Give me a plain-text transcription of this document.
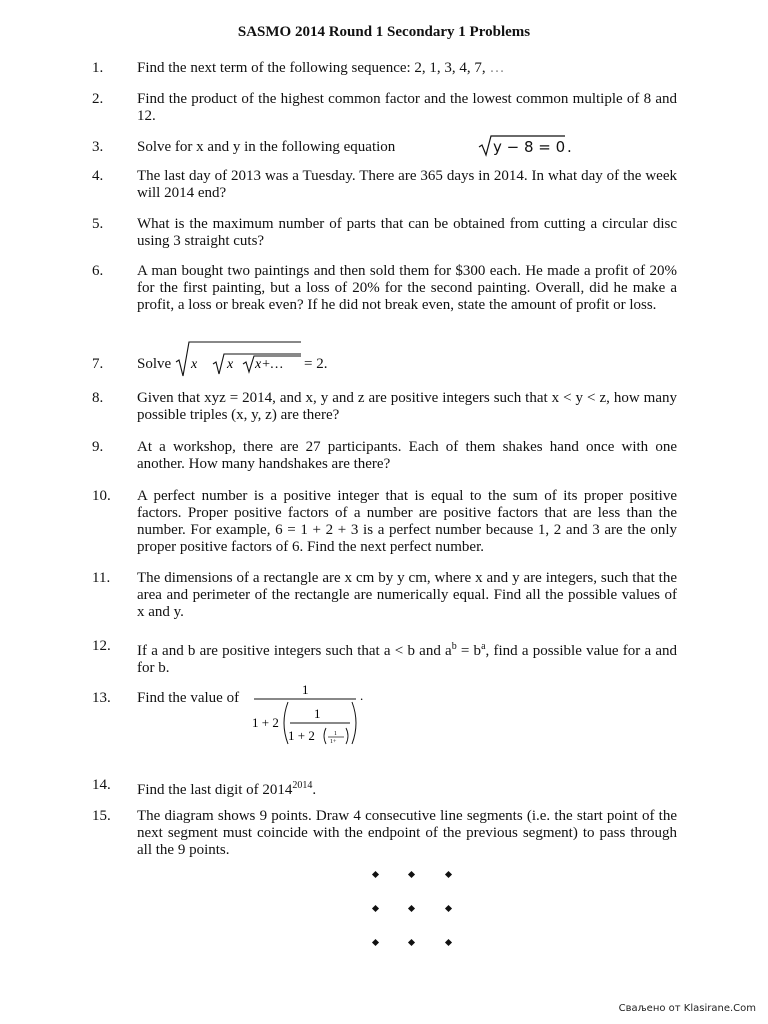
SASMO 2014 Round 1 Secondary 1 Problems
1.	Find the next term of the following sequence: 2, 1, 3, 4, 7, …
2.	Find the product of the highest common factor and the lowest common multiple of 8 and 12.
3.	Solve for x and y in the following equation	y − 8 = 0 .
4.	The last day of 2013 was a Tuesday. There are 365 days in 2014. In what day of the week will 2014 end?
5.	What is the maximum number of parts that can be obtained from cutting a circular disc using 3 straight cuts?
6.	A man bought two paintings and then sold them for $300 each. He made a profit of 20% for the first painting, but a loss of 20% for the second painting. Overall, did he make a profit, a loss or break even? If he did not break even, state the amount of profit or loss.
7.	Solve	x x x+… = 2.
8.	Given that xyz = 2014, and x, y and z are positive integers such that x < y < z, how many possible triples (x, y, z) are there?
9.	At a workshop, there are 27 participants. Each of them shakes hand once with one another. How many handshakes are there?
10.	A perfect number is a positive integer that is equal to the sum of its proper positive factors. Proper positive factors of a number are positive factors that are less than the number. For example, 6 = 1 + 2 + 3 is a perfect number because 1, 2 and 3 are the only proper positive factors of 6. Find the next perfect number.
11.	The dimensions of a rectangle are x cm by y cm, where x and y are integers, such that the area and perimeter of the rectangle are numerically equal. Find all the possible values of x and y.
12.	If a and b are positive integers such that a < b and $a^b = b^a$, find a possible value for a and for b.
13.	Find the value of
1
1 + 2
1
1 + 2	1
1+
.
14.	Find the last digit of $2014^{2014}$.
15.	The diagram shows 9 points. Draw 4 consecutive line segments (i.e. the start point of the next segment must coincide with the endpoint of the previous segment) to pass through all the 9 points.
Сваљено от Klasirane.Com
